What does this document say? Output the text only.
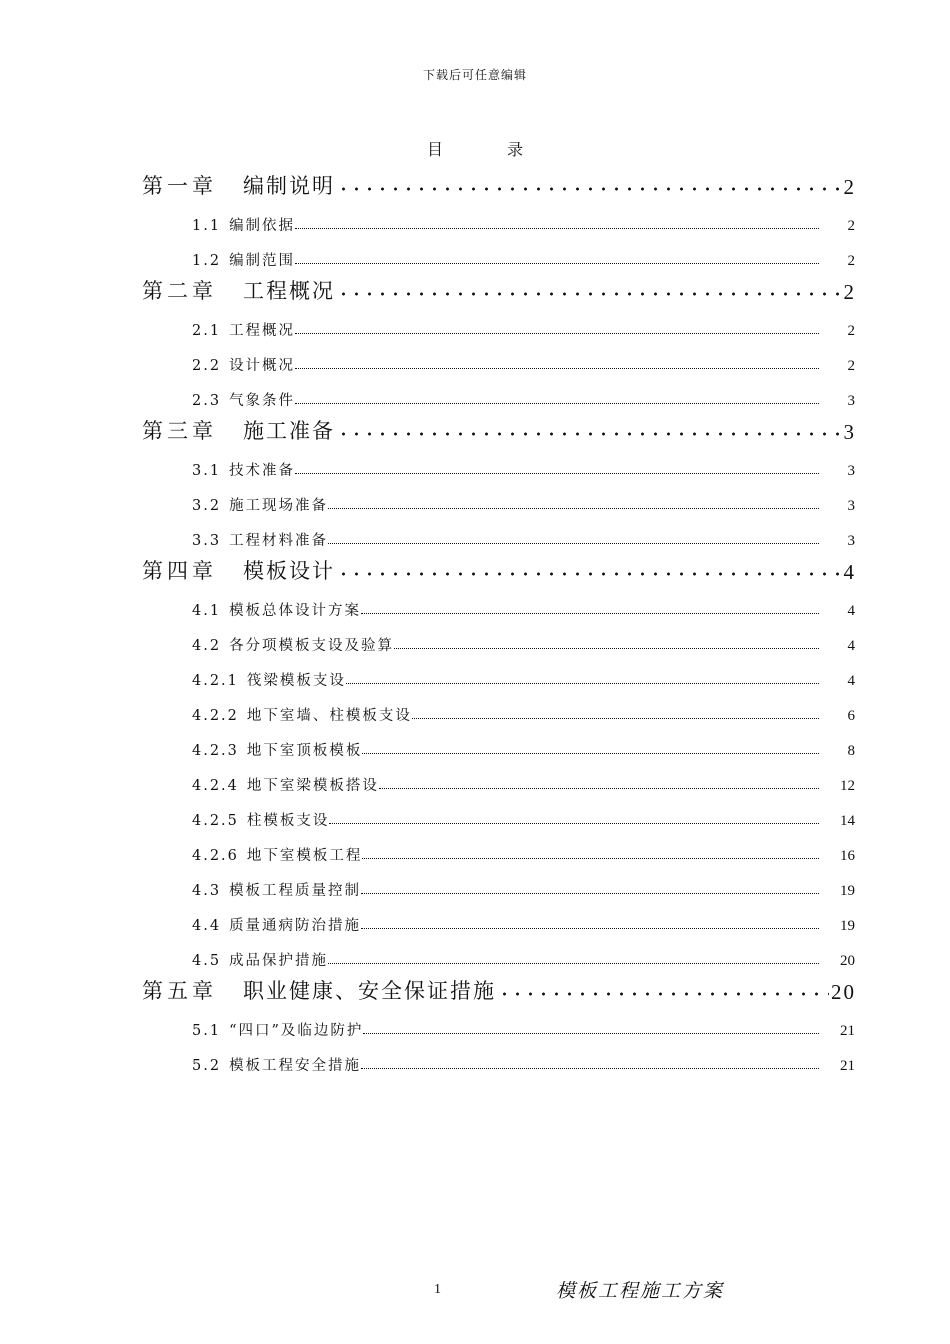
下载后可任意编辑
目	录
第一章 编制说明	2
1.1 编制依据	2
1.2 编制范围	2
第二章 工程概况	2
2.1 工程概况	2
2.2 设计概况	2
2.3 气象条件	3
第三章 施工准备	3
3.1 技术准备	3
3.2 施工现场准备	3
3.3 工程材料准备	3
第四章 模板设计	4
4.1 模板总体设计方案	4
4.2 各分项模板支设及验算	4
4.2.1 筏梁模板支设	4
4.2.2 地下室墙、柱模板支设	6
4.2.3 地下室顶板模板	8
4.2.4 地下室梁模板搭设	12
4.2.5 柱模板支设	14
4.2.6 地下室模板工程	16
4.3 模板工程质量控制	19
4.4 质量通病防治措施	19
4.5 成品保护措施	20
第五章 职业健康、安全保证措施	20
5.1 “四口”及临边防护	21
5.2 模板工程安全措施	21
1	模板工程施工方案
